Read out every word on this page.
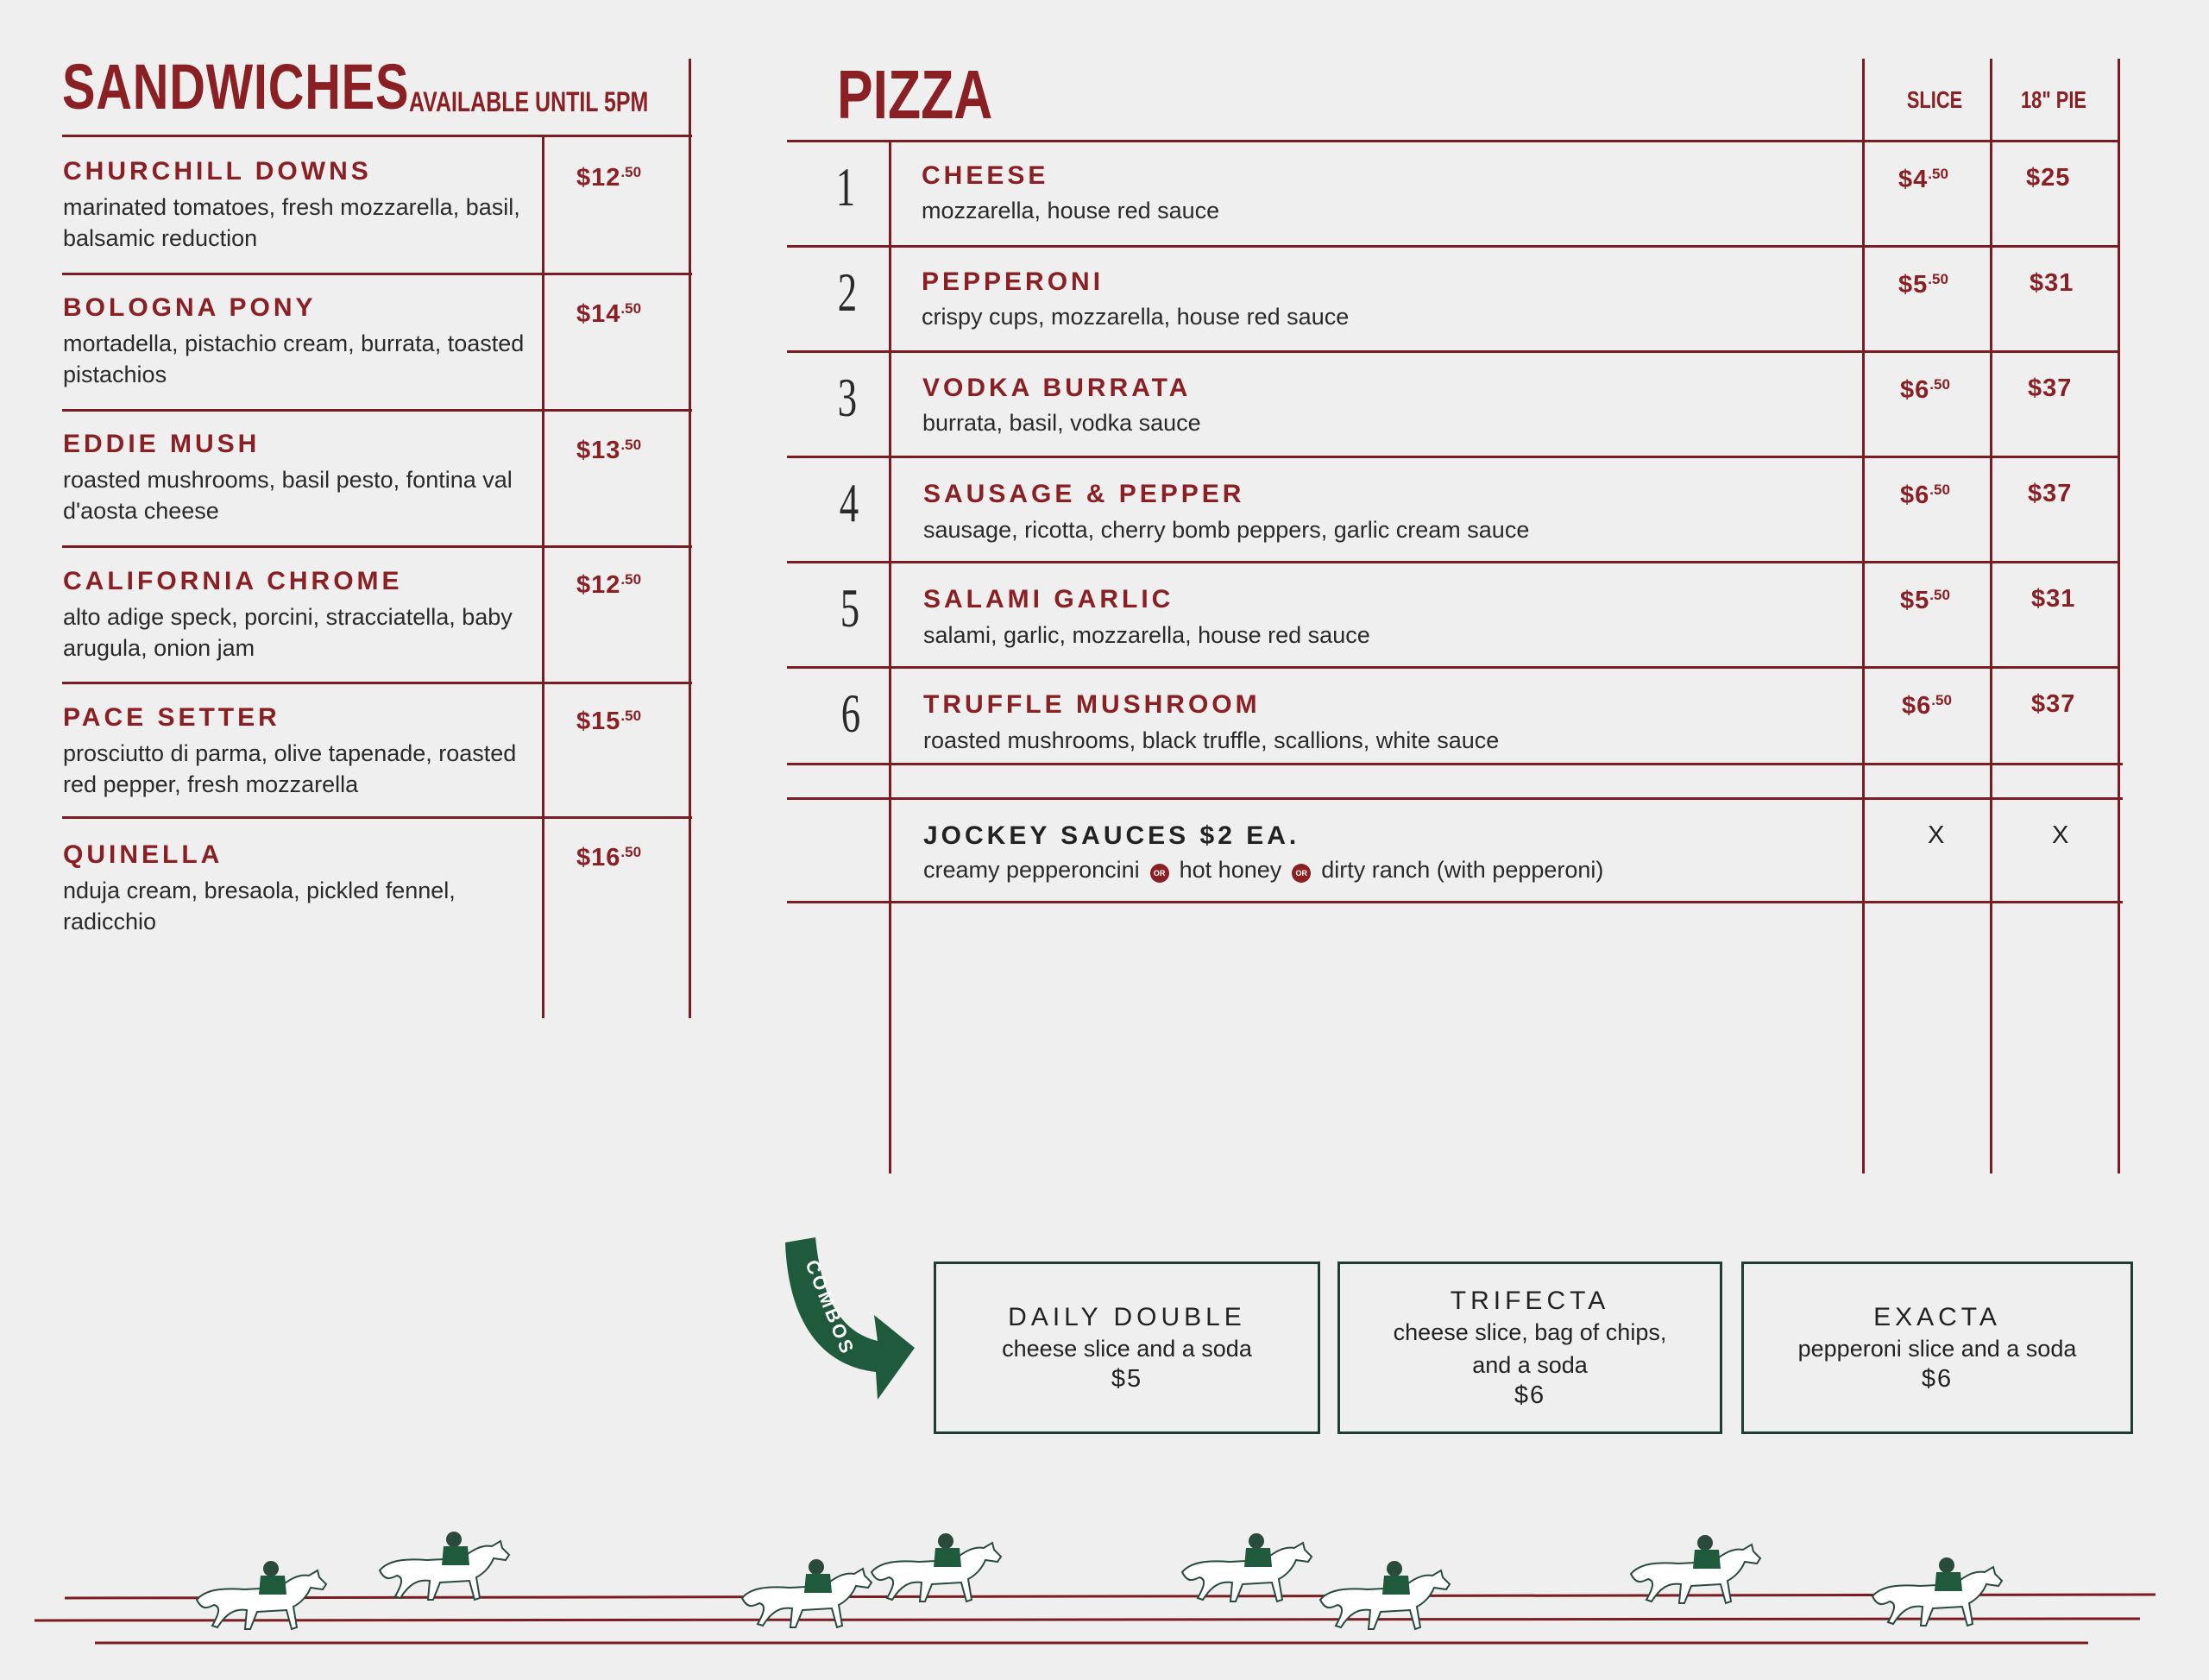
SANDWICHES AVAILABLE UNTIL 5PM
CHURCHILL DOWNS
marinated tomatoes, fresh mozzarella, basil, balsamic reduction
$\$12^{.50}$
BOLOGNA PONY
mortadella, pistachio cream, burrata, toasted pistachios
$\$14^{.50}$
EDDIE MUSH
roasted mushrooms, basil pesto, fontina val d'aosta cheese
$\$13^{.50}$
CALIFORNIA CHROME
alto adige speck, porcini, stracciatella, baby arugula, onion jam
$\$12^{.50}$
PACE SETTER
prosciutto di parma, olive tapenade, roasted red pepper, fresh mozzarella
$\$15^{.50}$
QUINELLA
nduja cream, bresaola, pickled fennel, radicchio
$\$16^{.50}$
PIZZA	SLICE	18" PIE
1	CHEESE
mozzarella, house red sauce
$\$4^{.50}$	$25
2	PEPPERONI
crispy cups, mozzarella, house red sauce
$\$5^{.50}$	$31
3	VODKA BURRATA
burrata, basil, vodka sauce
$\$6^{.50}$	$37
4	SAUSAGE & PEPPER
sausage, ricotta, cherry bomb peppers, garlic cream sauce
$\$6^{.50}$	$37
5	SALAMI GARLIC
salami, garlic, mozzarella, house red sauce
$\$5^{.50}$	$31
6	TRUFFLE MUSHROOM
roasted mushrooms, black truffle, scallions, white sauce
$\$6^{.50}$	$37
JOCKEY SAUCES $2 EA.
creamy pepperoncini OR hot honey OR dirty ranch (with pepperoni)
X	X
COMBOS	DAILY DOUBLE
cheese slice and a soda
$5
TRIFECTA
cheese slice, bag of chips, and a soda
$6
EXACTA
pepperoni slice and a soda
$6
